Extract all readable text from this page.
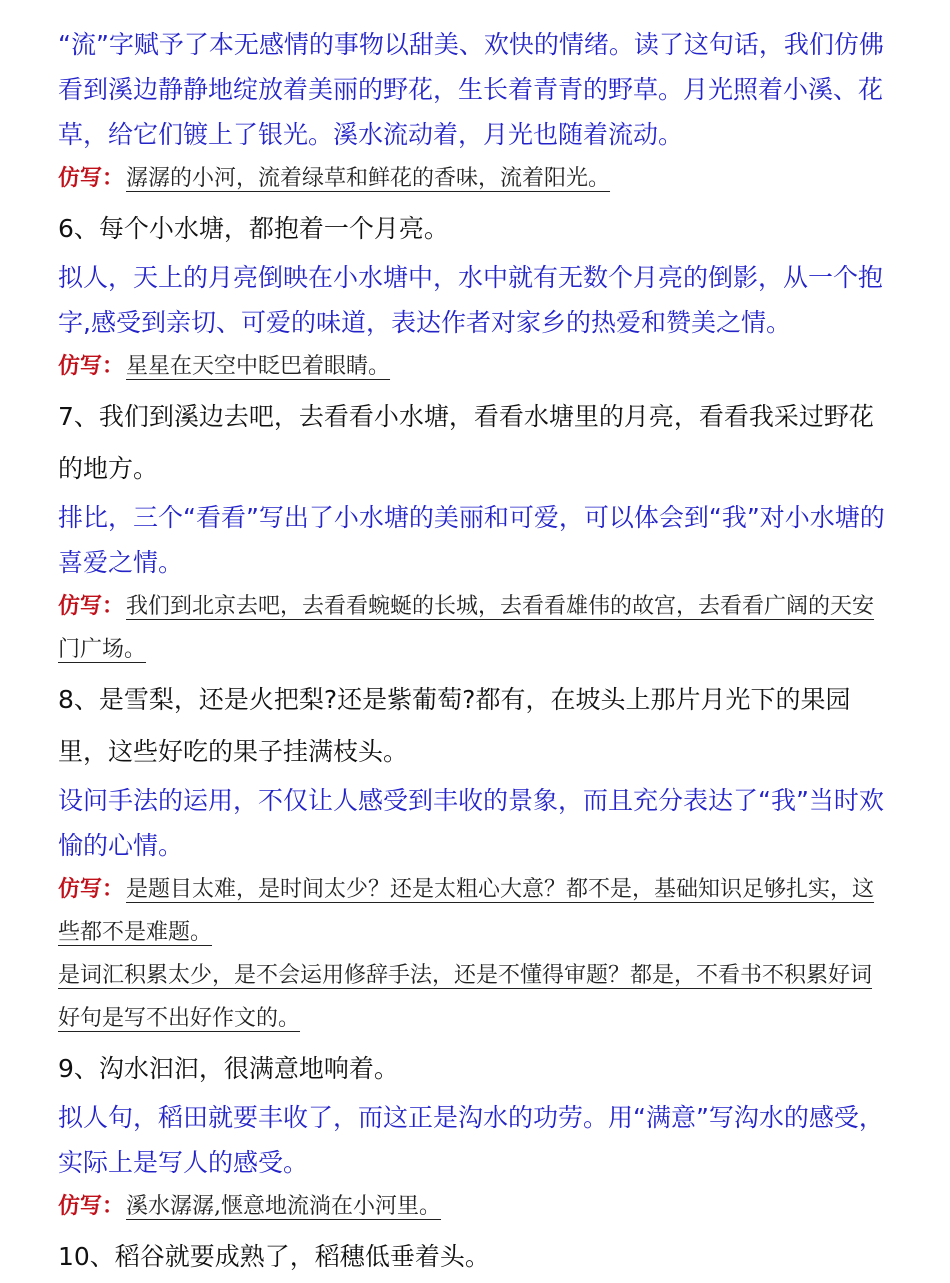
“流”字赋予了本无感情的事物以甜美、欢快的情绪。读了这句话，我们仿佛看到溪边静静地绽放着美丽的野花，生长着青青的野草。月光照着小溪、花草，给它们镀上了银光。溪水流动着，月光也随着流动。

仿写：潺潺的小河，流着绿草和鲜花的香味，流着阳光。

6、每个小水塘，都抱着一个月亮。

拟人，天上的月亮倒映在小水塘中，水中就有无数个月亮的倒影，从一个抱字,感受到亲切、可爱的味道，表达作者对家乡的热爱和赞美之情。

仿写：星星在天空中眨巴着眼睛。

7、我们到溪边去吧，去看看小水塘，看看水塘里的月亮，看看我采过野花的地方。

排比，三个“看看”写出了小水塘的美丽和可爱，可以体会到“我”对小水塘的喜爱之情。

仿写：我们到北京去吧，去看看蜿蜒的长城，去看看雄伟的故宫，去看看广阔的天安门广场。

8、是雪梨，还是火把梨?还是紫葡萄?都有，在坡头上那片月光下的果园里，这些好吃的果子挂满枝头。

设问手法的运用，不仅让人感受到丰收的景象，而且充分表达了“我”当时欢愉的心情。

仿写：是题目太难，是时间太少？还是太粗心大意？都不是，基础知识足够扎实，这些都不是难题。

是词汇积累太少，是不会运用修辞手法，还是不懂得审题？都是，不看书不积累好词好句是写不出好作文的。

9、沟水汩汩，很满意地响着。

拟人句，稻田就要丰收了，而这正是沟水的功劳。用“满意”写沟水的感受，实际上是写人的感受。

仿写：溪水潺潺,惬意地流淌在小河里。

10、稻谷就要成熟了，稻穗低垂着头。
